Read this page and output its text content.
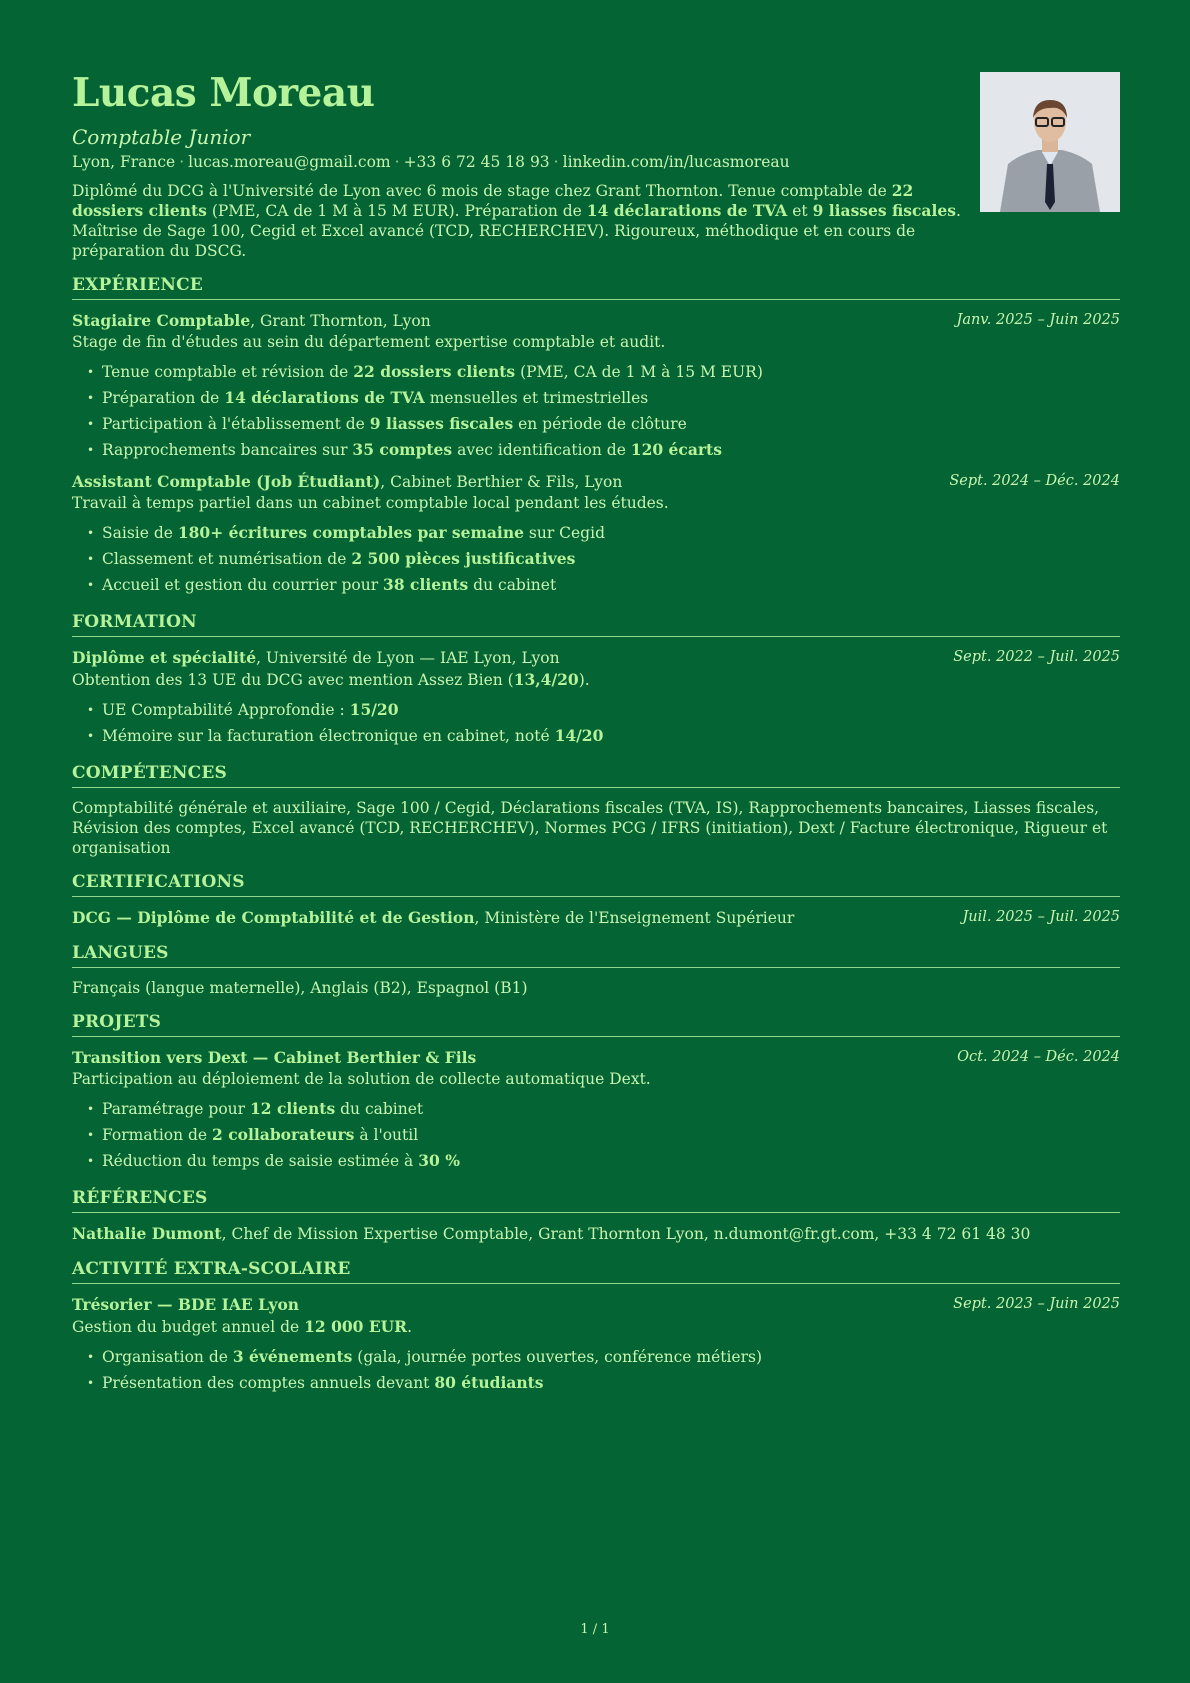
Lucas Moreau
Comptable Junior
Lyon, France · lucas.moreau@gmail.com · +33 6 72 45 18 93 · linkedin.com/in/lucasmoreau
Diplômé du DCG à l'Université de Lyon avec 6 mois de stage chez Grant Thornton. Tenue comptable de 22 dossiers clients (PME, CA de 1 M à 15 M EUR). Préparation de 14 déclarations de TVA et 9 liasses fiscales. Maîtrise de Sage 100, Cegid et Excel avancé (TCD, RECHERCHEV). Rigoureux, méthodique et en cours de préparation du DSCG.
EXPÉRIENCE
Stagiaire Comptable, Grant Thornton, Lyon	Janv. 2025 – Juin 2025
Stage de fin d'études au sein du département expertise comptable et audit.
• Tenue comptable et révision de 22 dossiers clients (PME, CA de 1 M à 15 M EUR)
• Préparation de 14 déclarations de TVA mensuelles et trimestrielles
• Participation à l'établissement de 9 liasses fiscales en période de clôture
• Rapprochements bancaires sur 35 comptes avec identification de 120 écarts
Assistant Comptable (Job Étudiant), Cabinet Berthier & Fils, Lyon	Sept. 2024 – Déc. 2024
Travail à temps partiel dans un cabinet comptable local pendant les études.
• Saisie de 180+ écritures comptables par semaine sur Cegid
• Classement et numérisation de 2 500 pièces justificatives
• Accueil et gestion du courrier pour 38 clients du cabinet
FORMATION
Diplôme et spécialité, Université de Lyon — IAE Lyon, Lyon	Sept. 2022 – Juil. 2025
Obtention des 13 UE du DCG avec mention Assez Bien (13,4/20).
• UE Comptabilité Approfondie : 15/20
• Mémoire sur la facturation électronique en cabinet, noté 14/20
COMPÉTENCES
Comptabilité générale et auxiliaire, Sage 100 / Cegid, Déclarations fiscales (TVA, IS), Rapprochements bancaires, Liasses fiscales, Révision des comptes, Excel avancé (TCD, RECHERCHEV), Normes PCG / IFRS (initiation), Dext / Facture électronique, Rigueur et organisation
CERTIFICATIONS
DCG — Diplôme de Comptabilité et de Gestion, Ministère de l'Enseignement Supérieur	Juil. 2025 – Juil. 2025
LANGUES
Français (langue maternelle), Anglais (B2), Espagnol (B1)
PROJETS
Transition vers Dext — Cabinet Berthier & Fils	Oct. 2024 – Déc. 2024
Participation au déploiement de la solution de collecte automatique Dext.
• Paramétrage pour 12 clients du cabinet
• Formation de 2 collaborateurs à l'outil
• Réduction du temps de saisie estimée à 30 %
RÉFÉRENCES
Nathalie Dumont, Chef de Mission Expertise Comptable, Grant Thornton Lyon, n.dumont@fr.gt.com, +33 4 72 61 48 30
ACTIVITÉ EXTRA-SCOLAIRE
Trésorier — BDE IAE Lyon	Sept. 2023 – Juin 2025
Gestion du budget annuel de 12 000 EUR.
• Organisation de 3 événements (gala, journée portes ouvertes, conférence métiers)
• Présentation des comptes annuels devant 80 étudiants
1 / 1
